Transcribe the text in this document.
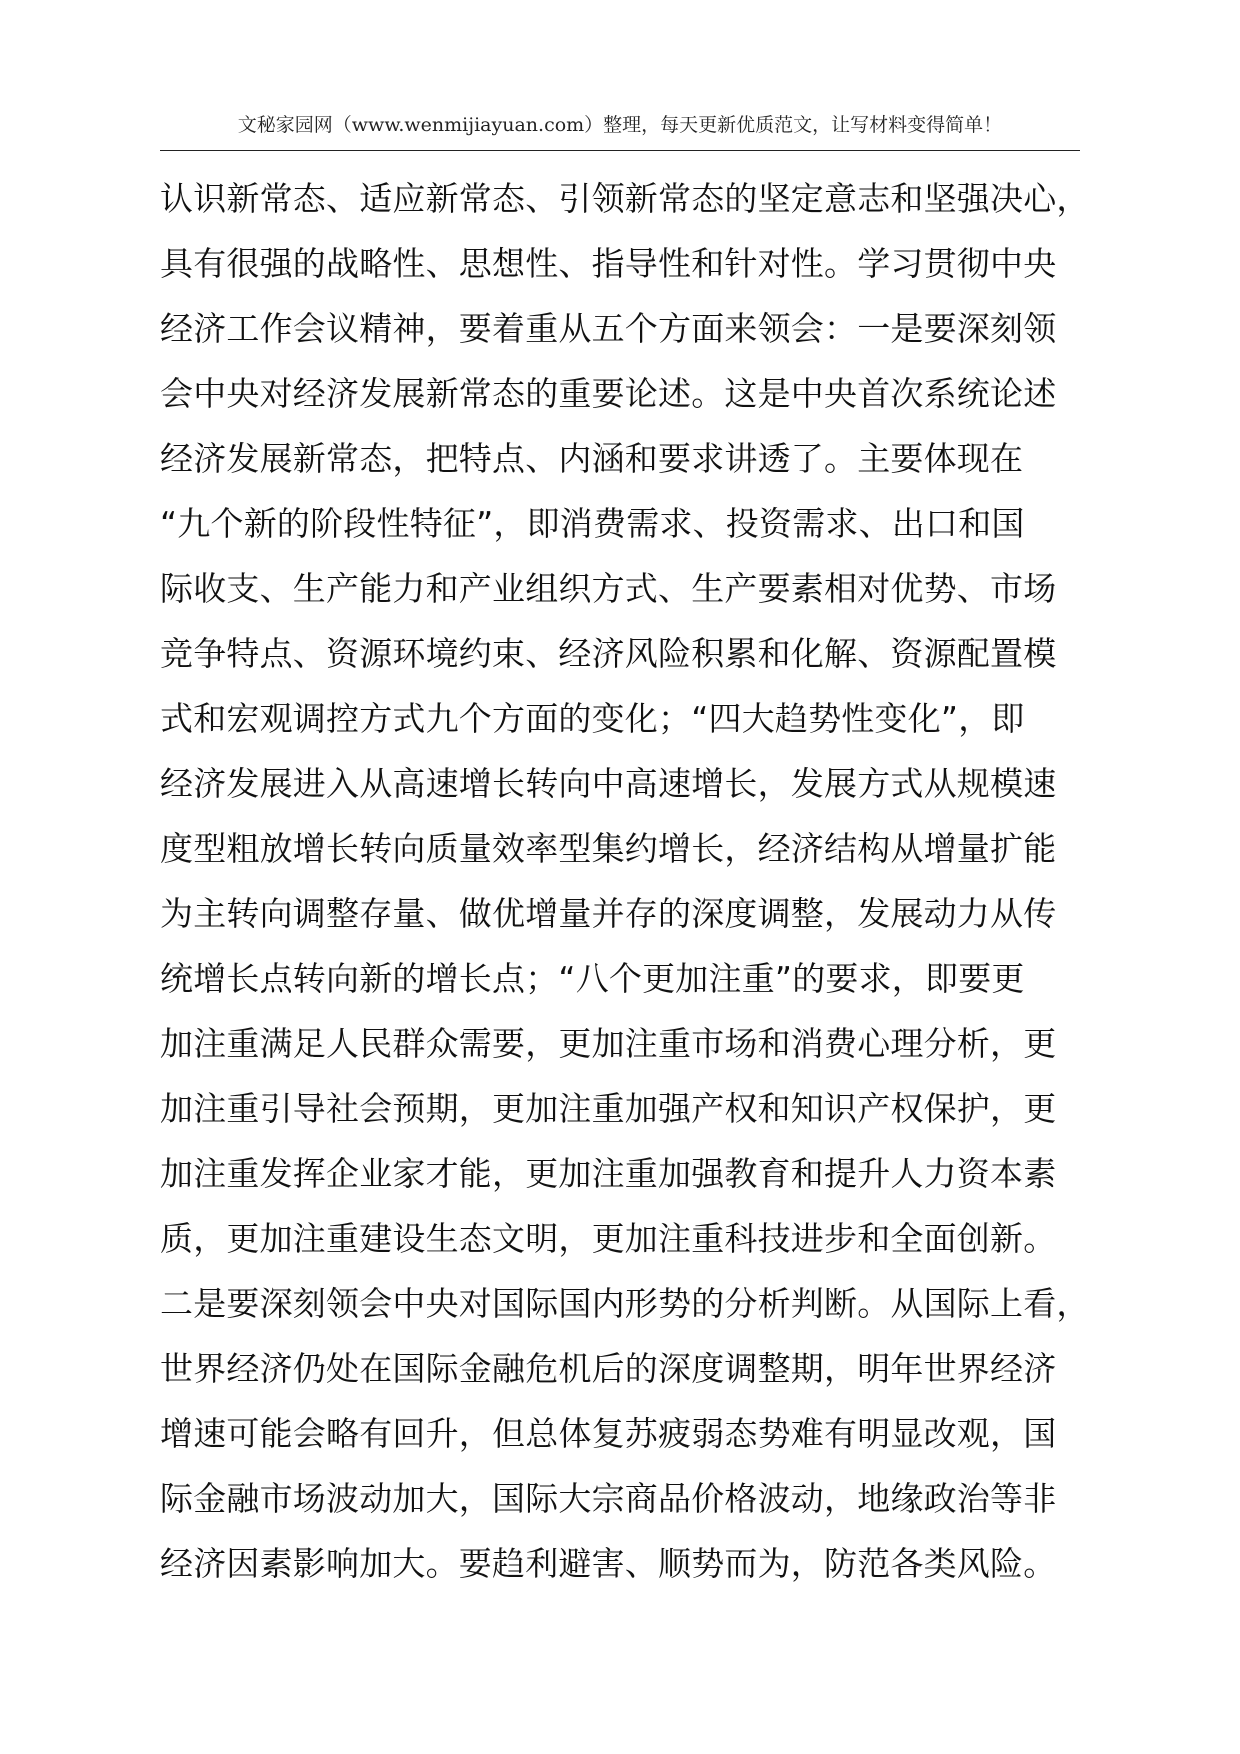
文秘家园网（www.wenmijiayuan.com）整理，每天更新优质范文，让写材料变得简单！
认识新常态、适应新常态、引领新常态的坚定意志和坚强决心，
具有很强的战略性、思想性、指导性和针对性。学习贯彻中央
经济工作会议精神，要着重从五个方面来领会：一是要深刻领
会中央对经济发展新常态的重要论述。这是中央首次系统论述
经济发展新常态，把特点、内涵和要求讲透了。主要体现在
“九个新的阶段性特征”，即消费需求、投资需求、出口和国
际收支、生产能力和产业组织方式、生产要素相对优势、市场
竞争特点、资源环境约束、经济风险积累和化解、资源配置模
式和宏观调控方式九个方面的变化；“四大趋势性变化”，即
经济发展进入从高速增长转向中高速增长，发展方式从规模速
度型粗放增长转向质量效率型集约增长，经济结构从增量扩能
为主转向调整存量、做优增量并存的深度调整，发展动力从传
统增长点转向新的增长点；“八个更加注重”的要求，即要更
加注重满足人民群众需要，更加注重市场和消费心理分析，更
加注重引导社会预期，更加注重加强产权和知识产权保护，更
加注重发挥企业家才能，更加注重加强教育和提升人力资本素
质，更加注重建设生态文明，更加注重科技进步和全面创新。
二是要深刻领会中央对国际国内形势的分析判断。从国际上看，
世界经济仍处在国际金融危机后的深度调整期，明年世界经济
增速可能会略有回升，但总体复苏疲弱态势难有明显改观，国
际金融市场波动加大，国际大宗商品价格波动，地缘政治等非
经济因素影响加大。要趋利避害、顺势而为，防范各类风险。
